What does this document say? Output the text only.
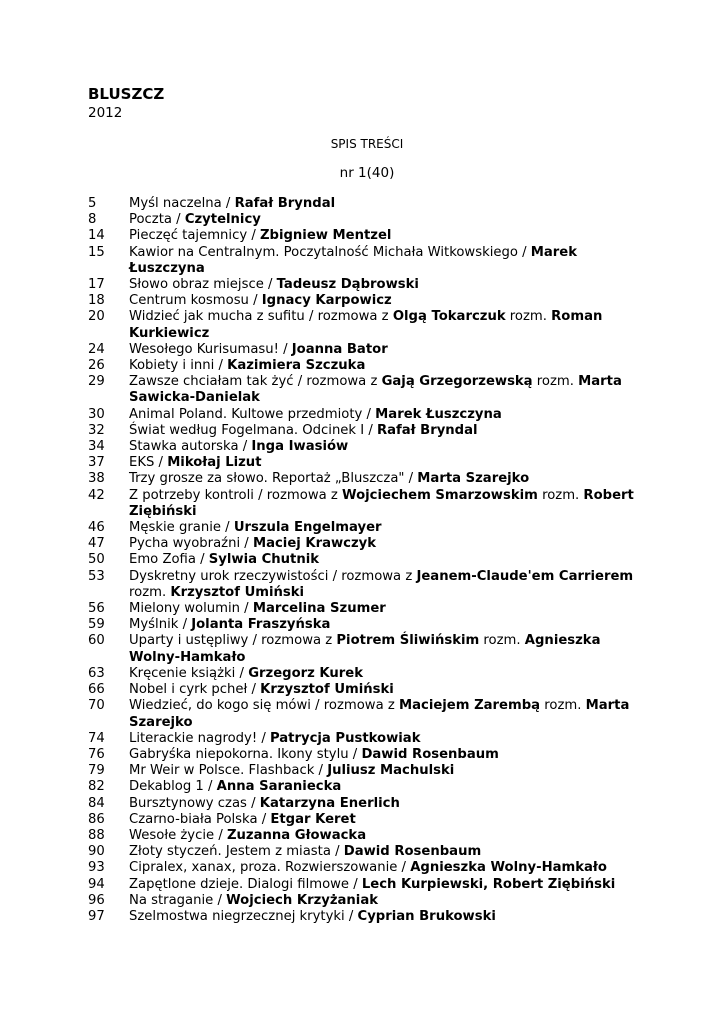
BLUSZCZ
2012
SPIS TREŚCI
nr 1(40)
5	Myśl naczelna / Rafał Bryndal
8	Poczta / Czytelnicy
14	Pieczęć tajemnicy / Zbigniew Mentzel
15	Kawior na Centralnym. Poczytalność Michała Witkowskiego / Marek Łuszczyna
17	Słowo obraz miejsce / Tadeusz Dąbrowski
18	Centrum kosmosu / Ignacy Karpowicz
20	Widzieć jak mucha z sufitu / rozmowa z Olgą Tokarczuk rozm. Roman Kurkiewicz
24	Wesołego Kurisumasu! / Joanna Bator
26	Kobiety i inni / Kazimiera Szczuka
29	Zawsze chciałam tak żyć / rozmowa z Gają Grzegorzewską rozm. Marta Sawicka-Danielak
30	Animal Poland. Kultowe przedmioty / Marek Łuszczyna
32	Świat według Fogelmana. Odcinek I / Rafał Bryndal
34	Stawka autorska / Inga Iwasiów
37	EKS / Mikołaj Lizut
38	Trzy grosze za słowo. Reportaż „Bluszcza" / Marta Szarejko
42	Z potrzeby kontroli / rozmowa z Wojciechem Smarzowskim rozm. Robert Ziębiński
46	Męskie granie / Urszula Engelmayer
47	Pycha wyobraźni / Maciej Krawczyk
50	Emo Zofia / Sylwia Chutnik
53	Dyskretny urok rzeczywistości / rozmowa z Jeanem-Claude'em Carrierem rozm. Krzysztof Umiński
56	Mielony wolumin / Marcelina Szumer
59	Myślnik / Jolanta Fraszyńska
60	Uparty i ustępliwy / rozmowa z Piotrem Śliwińskim rozm. Agnieszka Wolny-Hamkało
63	Kręcenie książki / Grzegorz Kurek
66	Nobel i cyrk pcheł / Krzysztof Umiński
70	Wiedzieć, do kogo się mówi / rozmowa z Maciejem Zarembą rozm. Marta Szarejko
74	Literackie nagrody! / Patrycja Pustkowiak
76	Gabryśka niepokorna. Ikony stylu / Dawid Rosenbaum
79	Mr Weir w Polsce. Flashback / Juliusz Machulski
82	Dekablog 1 / Anna Saraniecka
84	Bursztynowy czas / Katarzyna Enerlich
86	Czarno-biała Polska / Etgar Keret
88	Wesołe życie / Zuzanna Głowacka
90	Złoty styczeń. Jestem z miasta / Dawid Rosenbaum
93	Cipralex, xanax, proza. Rozwierszowanie / Agnieszka Wolny-Hamkało
94	Zapętlone dzieje. Dialogi filmowe / Lech Kurpiewski, Robert Ziębiński
96	Na straganie / Wojciech Krzyżaniak
97	Szelmostwa niegrzecznej krytyki / Cyprian Brukowski
